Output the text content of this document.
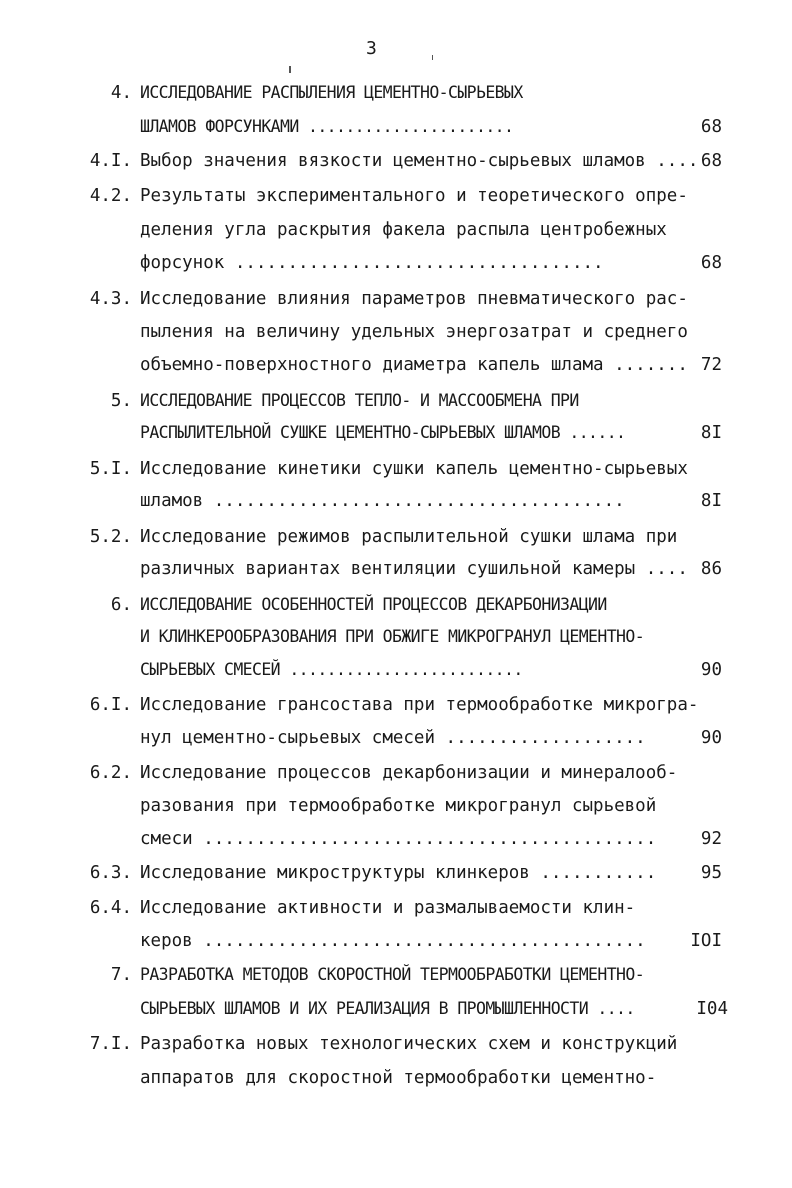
3
4. ИССЛЕДОВАНИЕ РАСПЫЛЕНИЯ ЦЕМЕНТНО-СЫРЬЕВЫХ
ШЛАМОВ ФОРСУНКАМИ ......................	68
4.I. Выбор значения вязкости цементно-сырьевых шламов .... 68
4.2. Результаты экспериментального и теоретического опре-
деления угла раскрытия факела распыла центробежных
форсунок ...................................	68
4.3. Исследование влияния параметров пневматического рас-
пыления на величину удельных энергозатрат и среднего
объемно-поверхностного диаметра капель шлама ....... 72
5. ИССЛЕДОВАНИЕ ПРОЦЕССОВ ТЕПЛО- И МАССООБМЕНА ПРИ
РАСПЫЛИТЕЛЬНОЙ СУШКЕ ЦЕМЕНТНО-СЫРЬЕВЫХ ШЛАМОВ ......	8I
5.I. Исследование кинетики сушки капель цементно-сырьевых
шламов .......................................	8I
5.2. Исследование режимов распылительной сушки шлама при
различных вариантах вентиляции сушильной камеры .... 86
6. ИССЛЕДОВАНИЕ ОСОБЕННОСТЕЙ ПРОЦЕССОВ ДЕКАРБОНИЗАЦИИ
И КЛИНКЕРООБРАЗОВАНИЯ ПРИ ОБЖИГЕ МИКРОГРАНУЛ ЦЕМЕНТНО-
СЫРЬЕВЫХ СМЕСЕЙ .........................	90
6.I. Исследование грансостава при термообработке микрогра-
нул цементно-сырьевых смесей ...................	90
6.2. Исследование процессов декарбонизации и минералооб-
разования при термообработке микрогранул сырьевой
смеси ...........................................	92
6.3. Исследование микроструктуры клинкеров ...........	95
6.4. Исследование активности и размалываемости клин-
керов ..........................................	IOI
7. РАЗРАБОТКА МЕТОДОВ СКОРОСТНОЙ ТЕРМООБРАБОТКИ ЦЕМЕНТНО-
СЫРЬЕВЫХ ШЛАМОВ И ИХ РЕАЛИЗАЦИЯ В ПРОМЫШЛЕННОСТИ ....	I04
7.I. Разработка новых технологических схем и конструкций
аппаратов для скоростной термообработки цементно-
